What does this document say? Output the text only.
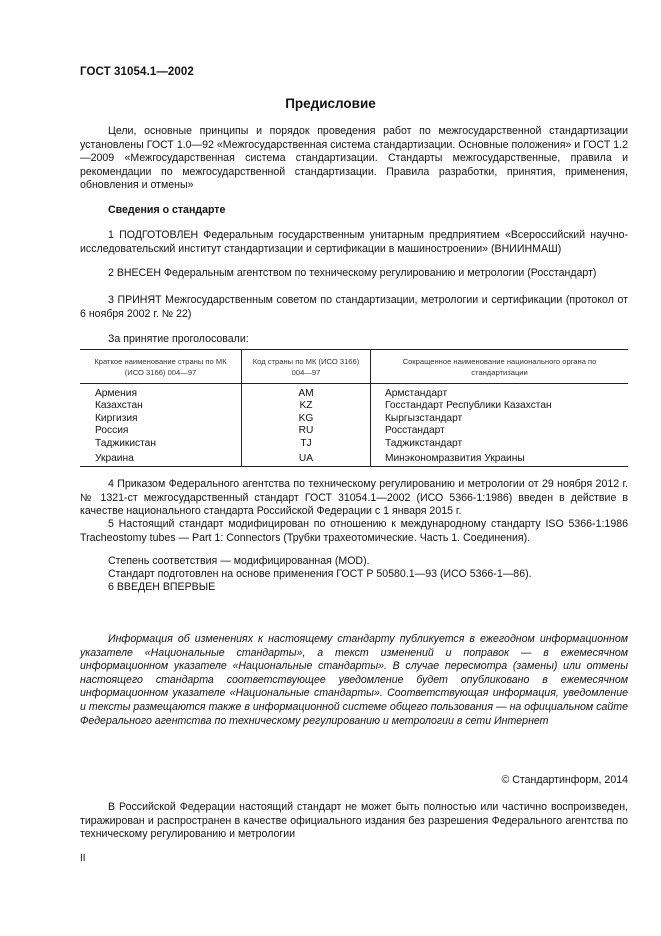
ГОСТ 31054.1—2002
Предисловие

Цели, основные принципы и порядок проведения работ по межгосударственной стандартизации установлены ГОСТ 1.0—92 «Межгосударственная система стандартизации. Основные положения» и ГОСТ 1.2—2009 «Межгосударственная система стандартизации. Стандарты межгосударственные, правила и рекомендации по межгосударственной стандартизации. Правила разработки, принятия, применения, обновления и отмены»

Сведения о стандарте

1 ПОДГОТОВЛЕН Федеральным государственным унитарным предприятием «Всероссийский научно-исследовательский институт стандартизации и сертификации в машиностроении» (ВНИИНМАШ)

2 ВНЕСЕН Федеральным агентством по техническому регулированию и метрологии (Росстандарт)

3 ПРИНЯТ Межгосударственным советом по стандартизации, метрологии и сертификации (протокол от 6 ноября 2002 г. № 22)

За принятие проголосовали:

Краткое наименование страны по МК (ИСО 3166) 004—97	Код страны по МК (ИСО 3166) 004—97	Сокращенное наименование национального органа по стандартизации
Армения	AM	Армстандарт
Казахстан	KZ	Госстандарт Республики Казахстан
Киргизия	KG	Кыргызстандарт
Россия	RU	Росстандарт
Таджикистан	TJ	Таджикстандарт
Украина	UA	Минэкономразвития Украины

4 Приказом Федерального агентства по техническому регулированию и метрологии от 29 ноября 2012 г. № 1321-ст межгосударственный стандарт ГОСТ 31054.1—2002 (ИСО 5366-1:1986) введен в действие в качестве национального стандарта Российской Федерации с 1 января 2015 г.

5 Настоящий стандарт модифицирован по отношению к международному стандарту ISO 5366-1:1986 Tracheostomy tubes — Part 1: Connectors (Трубки трахеотомические. Часть 1. Соединения).

Степень соответствия — модифицированная (MOD).

Стандарт подготовлен на основе применения ГОСТ Р 50580.1—93 (ИСО 5366-1—86).

6 ВВЕДЕН ВПЕРВЫЕ

Информация об изменениях к настоящему стандарту публикуется в ежегодном информационном указателе «Национальные стандарты», а текст изменений и поправок — в ежемесячном информационном указателе «Национальные стандарты». В случае пересмотра (замены) или отмены настоящего стандарта соответствующее уведомление будет опубликовано в ежемесячном информационном указателе «Национальные стандарты». Соответствующая информация, уведомление и тексты размещаются также в информационной системе общего пользования — на официальном сайте Федерального агентства по техническому регулированию и метрологии в сети Интернет

© Стандартинформ, 2014

В Российской Федерации настоящий стандарт не может быть полностью или частично воспроизведен, тиражирован и распространен в качестве официального издания без разрешения Федерального агентства по техническому регулированию и метрологии

II
